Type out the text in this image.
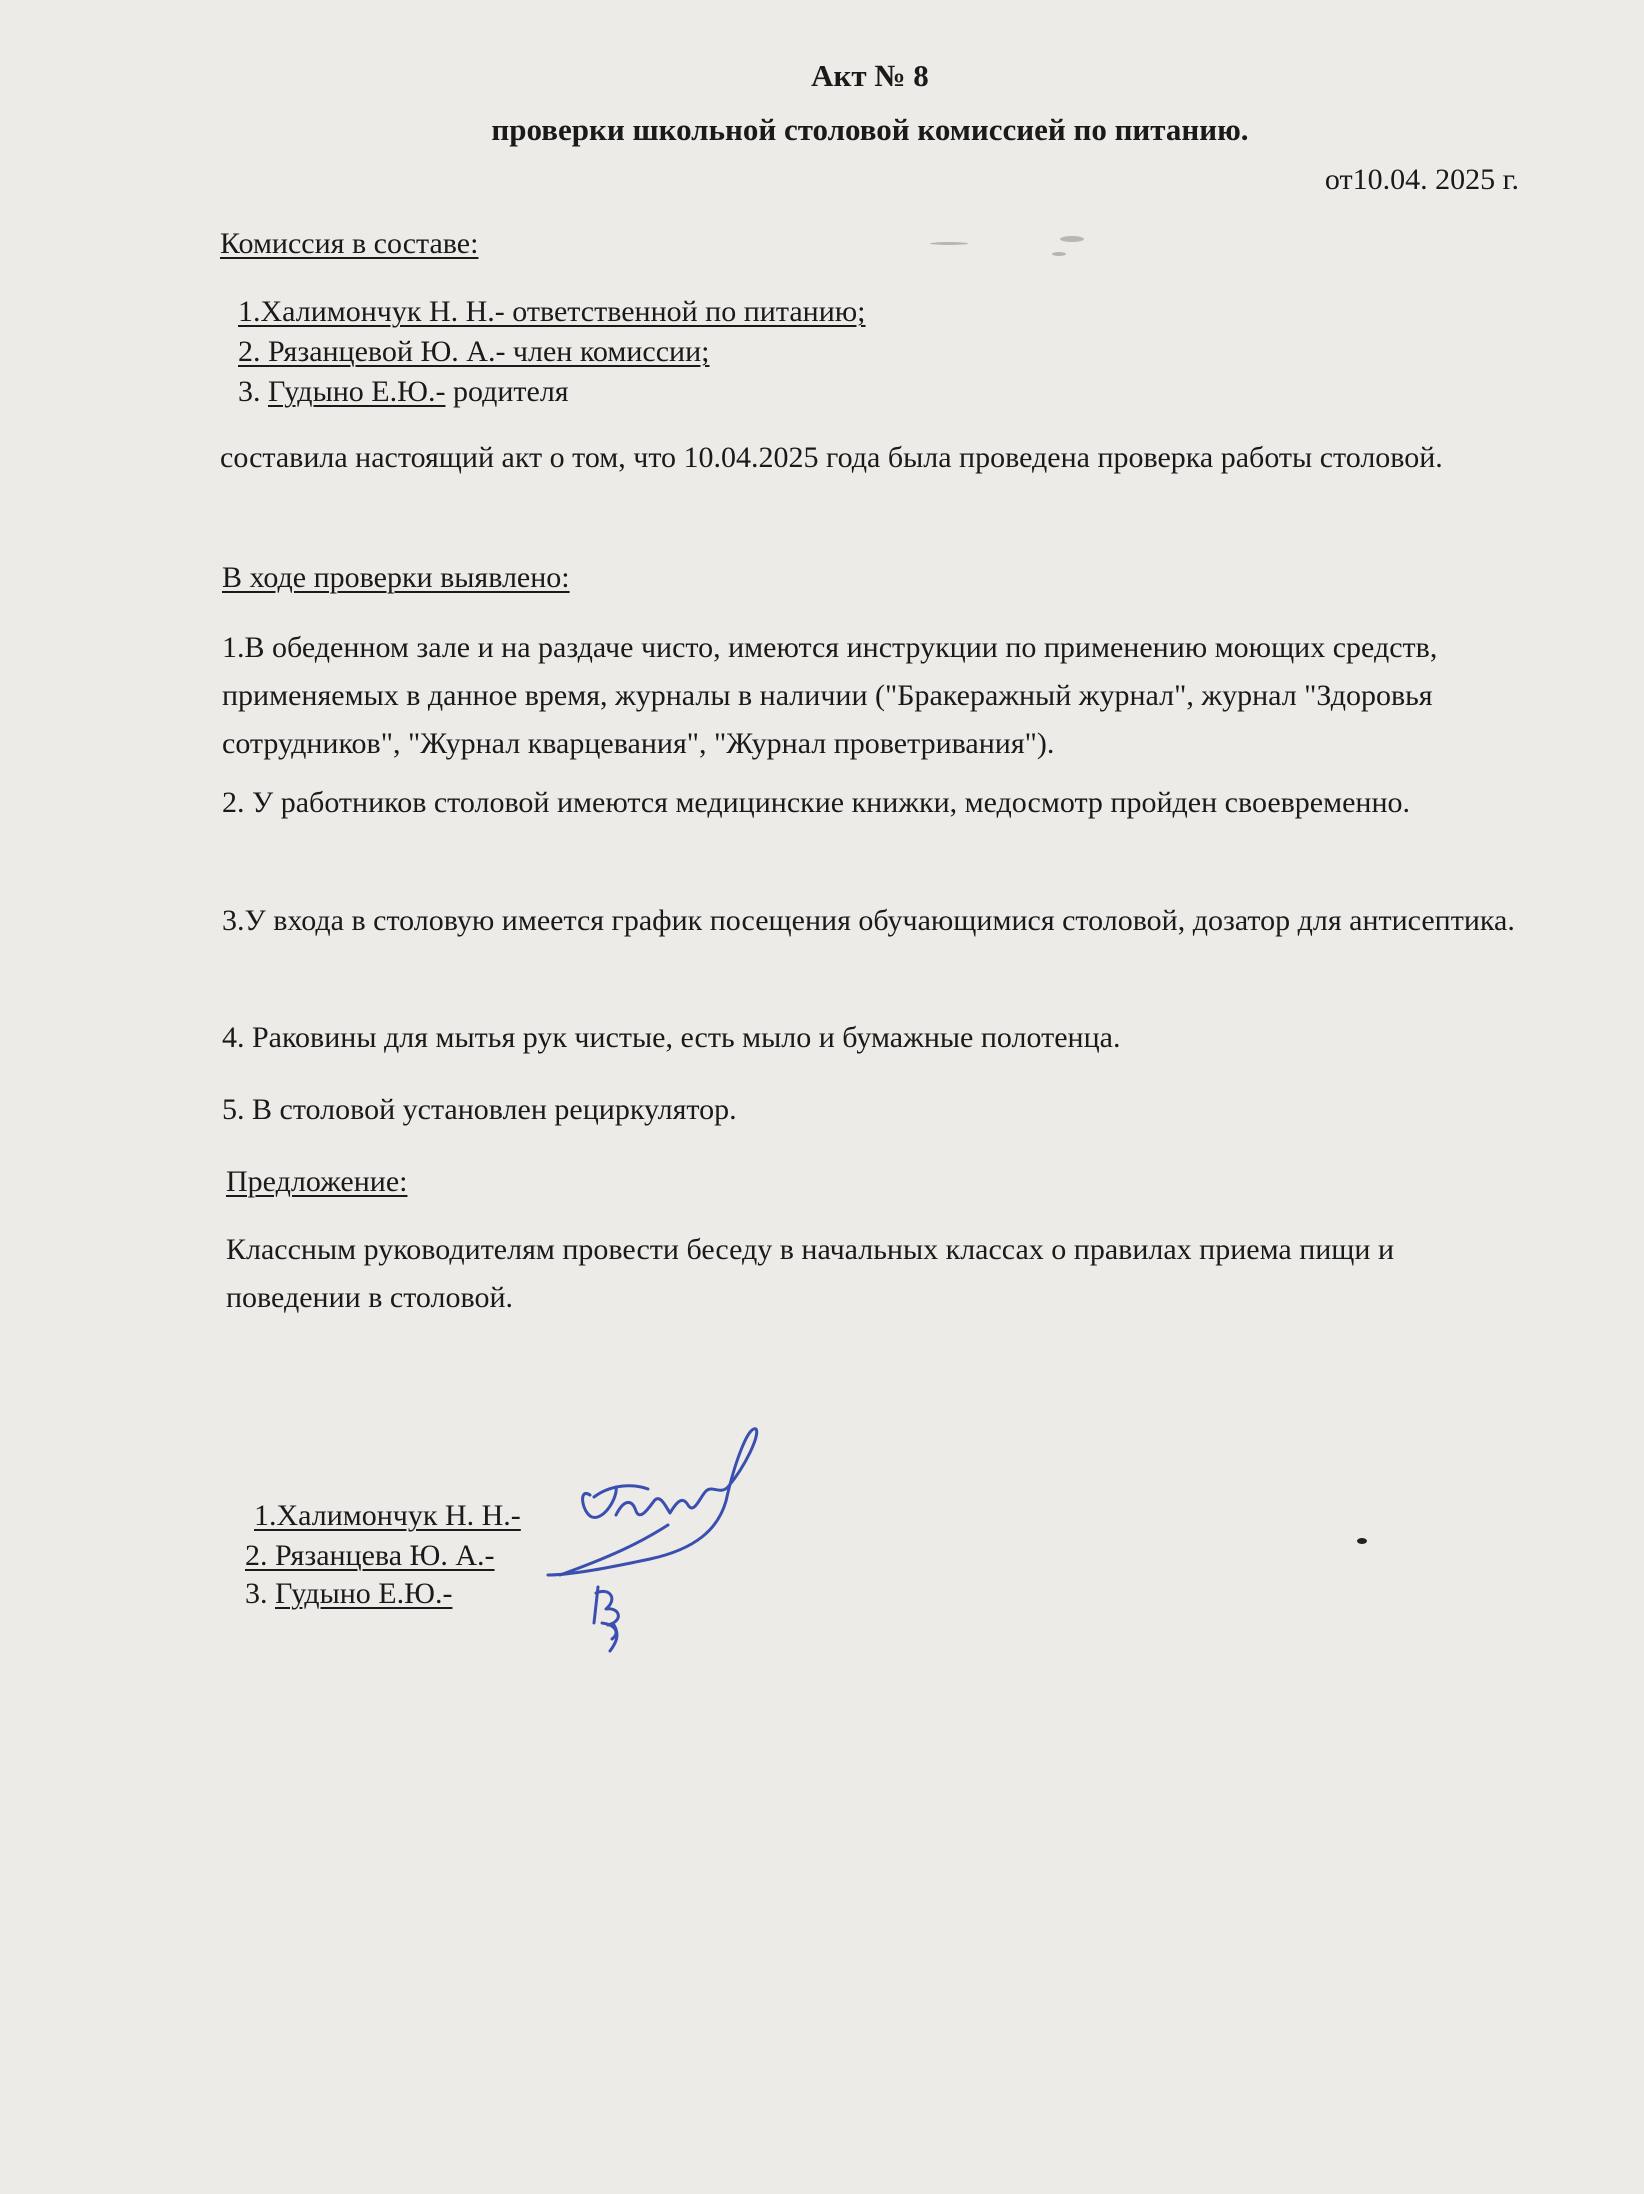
Акт № 8
проверки школьной столовой комиссией по питанию.
от10.04. 2025 г.
Комиссия в составе:
1.Халимончук Н. Н.- ответственной по питанию;
2. Рязанцевой Ю. А.- член комиссии;
3. Гудыно Е.Ю.- родителя
составила настоящий акт о том, что 10.04.2025 года была проведена проверка работы столовой.
В ходе проверки выявлено:
1.В обеденном зале и на раздаче чисто, имеются инструкции по применению моющих средств, применяемых в данное время, журналы в наличии ("Бракеражный журнал", журнал "Здоровья сотрудников", "Журнал кварцевания", "Журнал проветривания").
2. У работников столовой имеются медицинские книжки, медосмотр пройден своевременно.
3.У входа в столовую имеется график посещения обучающимися столовой, дозатор для антисептика.
4. Раковины для мытья рук чистые, есть мыло и бумажные полотенца.
5. В столовой установлен рециркулятор.
Предложение:
Классным руководителям провести беседу в начальных классах о правилах приема пищи и поведении в столовой.
1.Халимончук Н. Н.-
2. Рязанцева Ю. А.-
3. Гудыно Е.Ю.-
